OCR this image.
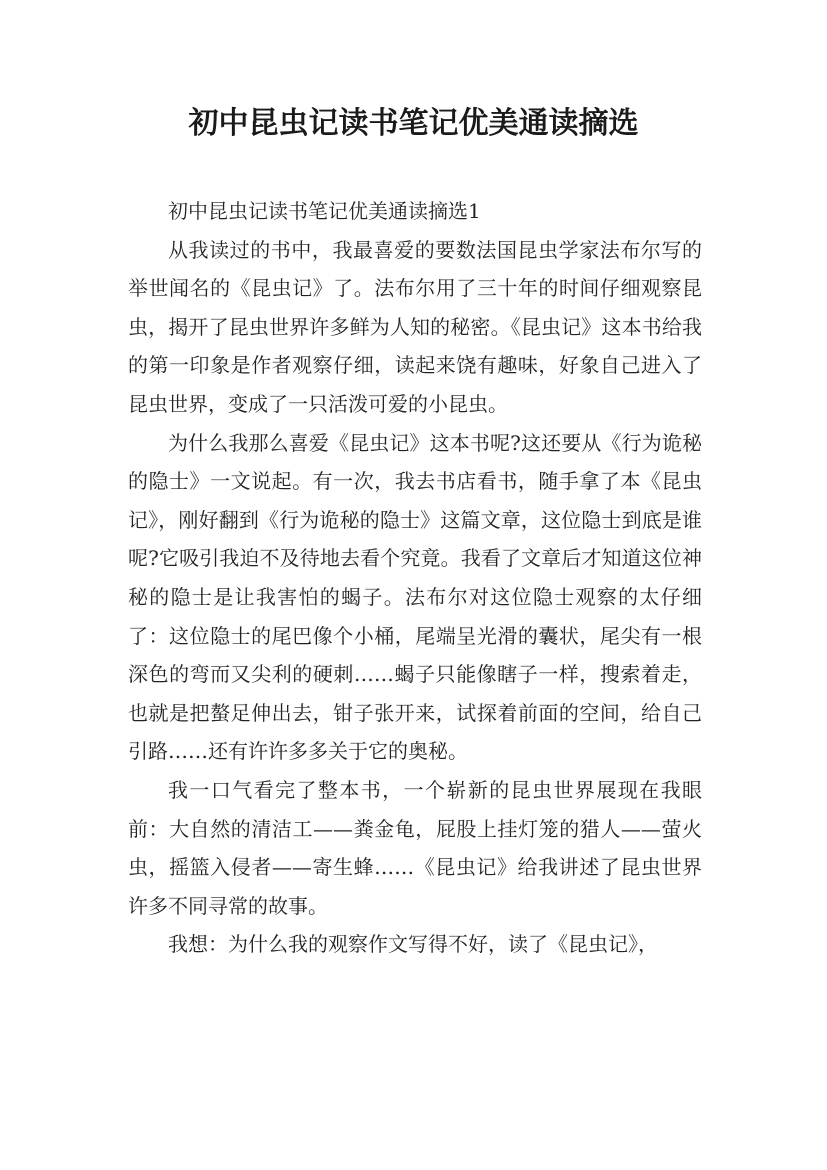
初中昆虫记读书笔记优美通读摘选

初中昆虫记读书笔记优美通读摘选1

从我读过的书中，我最喜爱的要数法国昆虫学家法布尔写的举世闻名的《昆虫记》了。法布尔用了三十年的时间仔细观察昆虫，揭开了昆虫世界许多鲜为人知的秘密。《昆虫记》这本书给我的第一印象是作者观察仔细，读起来饶有趣味，好象自己进入了昆虫世界，变成了一只活泼可爱的小昆虫。

为什么我那么喜爱《昆虫记》这本书呢?这还要从《行为诡秘的隐士》一文说起。有一次，我去书店看书，随手拿了本《昆虫记》，刚好翻到《行为诡秘的隐士》这篇文章，这位隐士到底是谁呢?它吸引我迫不及待地去看个究竟。我看了文章后才知道这位神秘的隐士是让我害怕的蝎子。法布尔对这位隐士观察的太仔细了：这位隐士的尾巴像个小桶，尾端呈光滑的囊状，尾尖有一根深色的弯而又尖利的硬刺……蝎子只能像瞎子一样，搜索着走，也就是把螯足伸出去，钳子张开来，试探着前面的空间，给自己引路……还有许许多多关于它的奥秘。

我一口气看完了整本书，一个崭新的昆虫世界展现在我眼前：大自然的清洁工——粪金龟，屁股上挂灯笼的猎人——萤火虫，摇篮入侵者——寄生蜂……《昆虫记》给我讲述了昆虫世界许多不同寻常的故事。

我想：为什么我的观察作文写得不好，读了《昆虫记》，
